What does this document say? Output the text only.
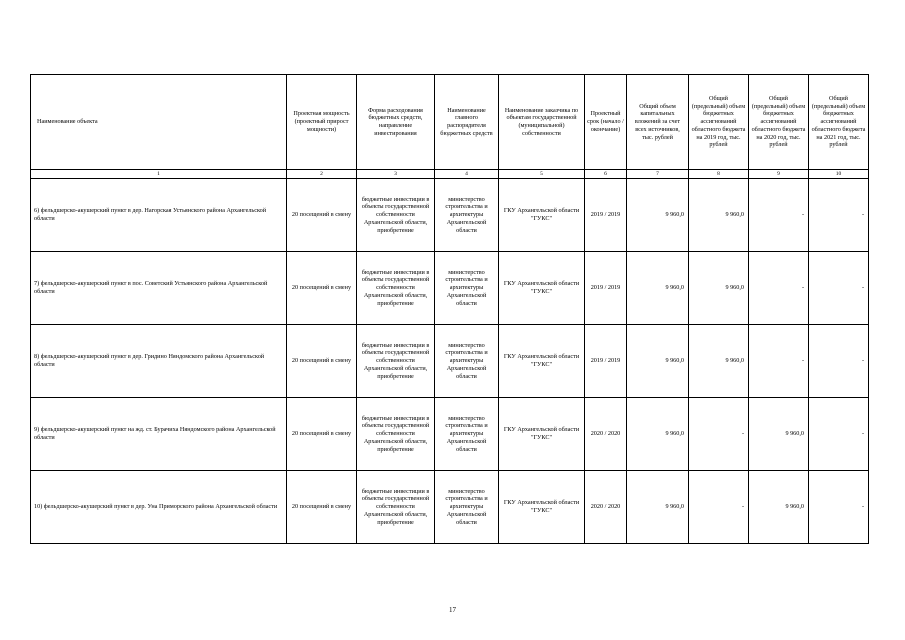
Наименование объекта	Проектная мощность (проектный прирост мощности)	Форма расходования бюджетных средств, направление инвестирования	Наименование главного распорядителя бюджетных средств	Наименование заказчика по объектам государственной (муниципальной) собственности	Проектный срок (начало / окончание)	Общий объем капитальных вложений за счет всех источников, тыс. рублей	Общий (предельный) объем бюджетных ассигнований областного бюджета на 2019 год, тыс. рублей	Общий (предельный) объем бюджетных ассигнований областного бюджета на 2020 год, тыс. рублей	Общий (предельный) объем бюджетных ассигнований областного бюджета на 2021 год, тыс. рублей
1	2	3	4	5	6	7	8	9	10
6) фельдшерско-акушерский пункт в дер. Нагорская Устьянского района Архангельской области	20 посещений в смену	бюджетные инвестиции в объекты государственной собственности Архангельской области, приобретение	министерство строительства и архитектуры Архангельской области	ГКУ Архангельской области "ГУКС"	2019 / 2019	9 960,0	9 960,0	-	-
7) фельдшерско-акушерский пункт в пос. Советский Устьянского района Архангельской области	20 посещений в смену	бюджетные инвестиции в объекты государственной собственности Архангельской области, приобретение	министерство строительства и архитектуры Архангельской области	ГКУ Архангельской области "ГУКС"	2019 / 2019	9 960,0	9 960,0	-	-
8) фельдшерско-акушерский пункт в дер. Гридино Няндомского района Архангельской области	20 посещений в смену	бюджетные инвестиции в объекты государственной собственности Архангельской области, приобретение	министерство строительства и архитектуры Архангельской области	ГКУ Архангельской области "ГУКС"	2019 / 2019	9 960,0	9 960,0	-	-
9) фельдшерско-акушерский пункт на жд. ст. Бурачиха Няндомского района Архангельской области	20 посещений в смену	бюджетные инвестиции в объекты государственной собственности Архангельской области, приобретение	министерство строительства и архитектуры Архангельской области	ГКУ Архангельской области "ГУКС"	2020 / 2020	9 960,0	-	9 960,0	-
10) фельдшерско-акушерский пункт в дер. Уна Приморского района Архангельской области	20 посещений в смену	бюджетные инвестиции в объекты государственной собственности Архангельской области, приобретение	министерство строительства и архитектуры Архангельской области	ГКУ Архангельской области "ГУКС"	2020 / 2020	9 960,0	-	9 960,0	-
17
